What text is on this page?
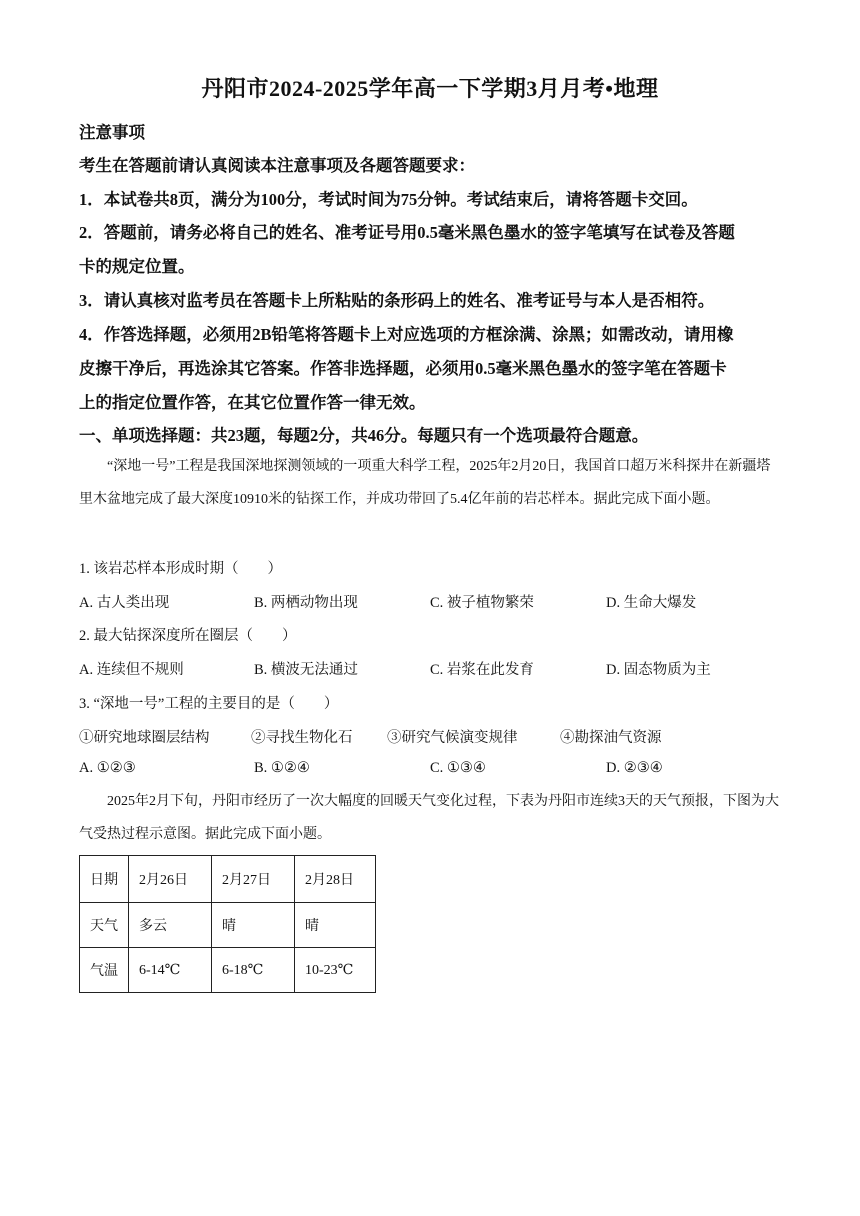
丹阳市2024-2025学年高一下学期3月月考•地理
注意事项
考生在答题前请认真阅读本注意事项及各题答题要求：
1．本试卷共8页，满分为100分，考试时间为75分钟。考试结束后，请将答题卡交回。
2．答题前，请务必将自己的姓名、准考证号用0.5毫米黑色墨水的签字笔填写在试卷及答题
卡的规定位置。
3．请认真核对监考员在答题卡上所粘贴的条形码上的姓名、准考证号与本人是否相符。
4．作答选择题，必须用2B铅笔将答题卡上对应选项的方框涂满、涂黑；如需改动，请用橡
皮擦干净后，再选涂其它答案。作答非选择题，必须用0.5毫米黑色墨水的签字笔在答题卡
上的指定位置作答，在其它位置作答一律无效。
一、单项选择题：共23题，每题2分，共46分。每题只有一个选项最符合题意。
“深地一号”工程是我国深地探测领域的一项重大科学工程，2025年2月20日，我国首口超万米科探井在新疆塔里木盆地完成了最大深度10910米的钻探工作，并成功带回了5.4亿年前的岩芯样本。据此完成下面小题。
1. 该岩芯样本形成时期（　　）
A. 古人类出现	B. 两栖动物出现	C. 被子植物繁荣	D. 生命大爆发
2. 最大钻探深度所在圈层（　　）
A. 连续但不规则	B. 横波无法通过	C. 岩浆在此发育	D. 固态物质为主
3. “深地一号”工程的主要目的是（　　）
①研究地球圈层结构	②寻找生物化石 ③研究气候演变规律	④勘探油气资源
A. ①②③	B. ①②④	C. ①③④	D. ②③④
2025年2月下旬，丹阳市经历了一次大幅度的回暖天气变化过程，下表为丹阳市连续3天的天气预报，下图为大气受热过程示意图。据此完成下面小题。
日期	2月26日	2月27日	2月28日
天气	多云	晴	晴
气温	6-14℃	6-18℃	10-23℃
